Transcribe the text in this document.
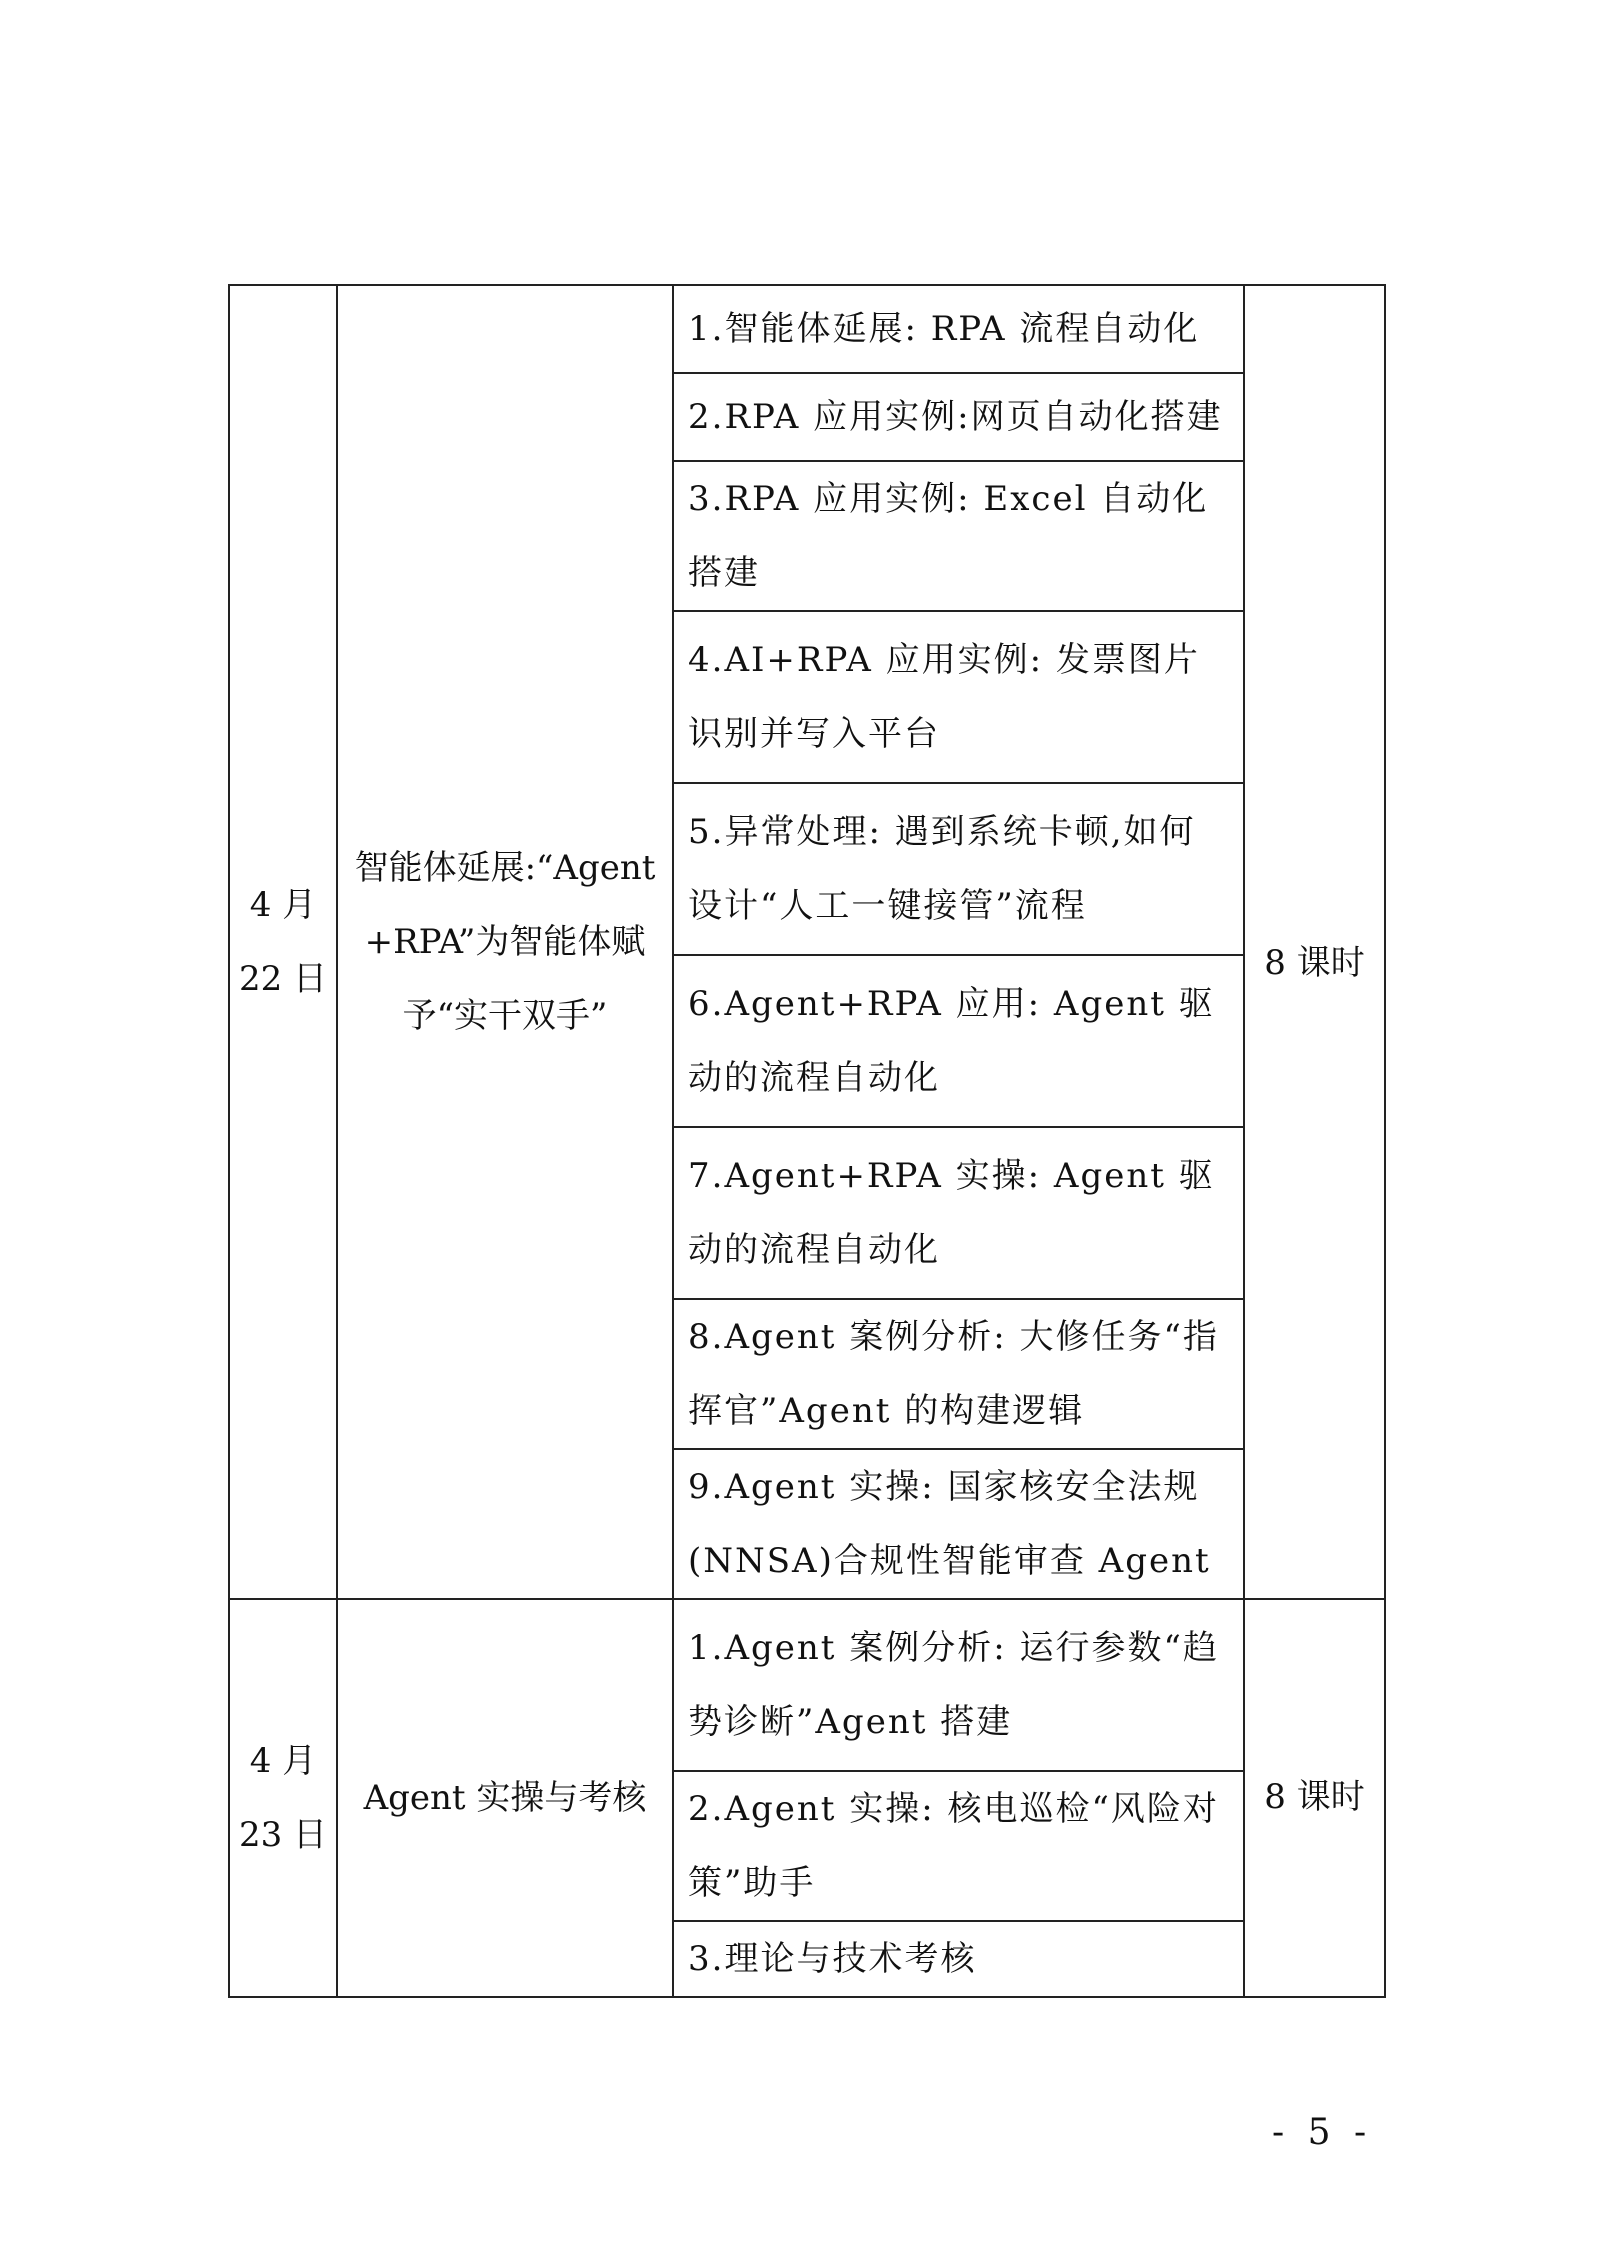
4 月
22 日	智能体延展:“Agent+RPA”为智能体赋予“实干双手”	1.智能体延展: RPA 流程自动化	8 课时

		2.RPA 应用实例:网页自动化搭建	
		3.RPA 应用实例: Excel 自动化搭建	
		4.AI+RPA 应用实例: 发票图片识别并写入平台	
		5.异常处理: 遇到系统卡顿,如何设计“人工一键接管”流程	
		6.Agent+RPA 应用: Agent 驱动的流程自动化	
		7.Agent+RPA 实操: Agent 驱动的流程自动化	
		8.Agent 案例分析: 大修任务“指挥官”Agent 的构建逻辑	
		9.Agent 实操: 国家核安全法规(NNSA)合规性智能审查 Agent	

4 月
23 日	Agent 实操与考核	1.Agent 案例分析: 运行参数“趋势诊断”Agent 搭建	8 课时

		2.Agent 实操: 核电巡检“风险对策”助手	
		3.理论与技术考核	
- 5 -
